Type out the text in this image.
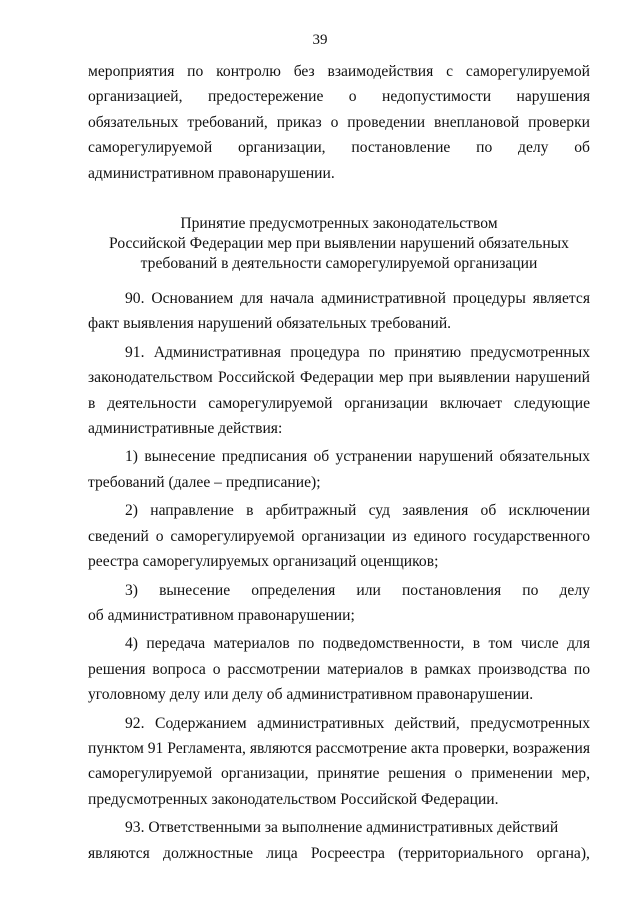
39
мероприятия по контролю без взаимодействия с саморегулируемой

организацией, предостережение о недопустимости нарушения обязательных требований, приказ о проведении внеплановой проверки саморегулируемой организации, постановление по делу об административном правонарушении.

Принятие предусмотренных законодательством
Российской Федерации мер при выявлении нарушений обязательных
требований в деятельности саморегулируемой организации

90. Основанием для начала административной процедуры является факт выявления нарушений обязательных требований.

91. Административная процедура по принятию предусмотренных законодательством Российской Федерации мер при выявлении нарушений в деятельности саморегулируемой организации включает следующие административные действия:

1) вынесение предписания об устранении нарушений обязательных требований (далее – предписание);

2) направление в арбитражный суд заявления об исключении сведений о саморегулируемой организации из единого государственного реестра саморегулируемых организаций оценщиков;

3) вынесение определения или постановления по делу

об административном правонарушении;

4) передача материалов по подведомственности, в том числе для решения вопроса о рассмотрении материалов в рамках производства по уголовному делу или делу об административном правонарушении.

92. Содержанием административных действий, предусмотренных пунктом 91 Регламента, являются рассмотрение акта проверки, возражения саморегулируемой организации, принятие решения о применении мер, предусмотренных законодательством Российской Федерации.

93. Ответственными за выполнение административных действий

являются должностные лица Росреестра (территориального органа),
